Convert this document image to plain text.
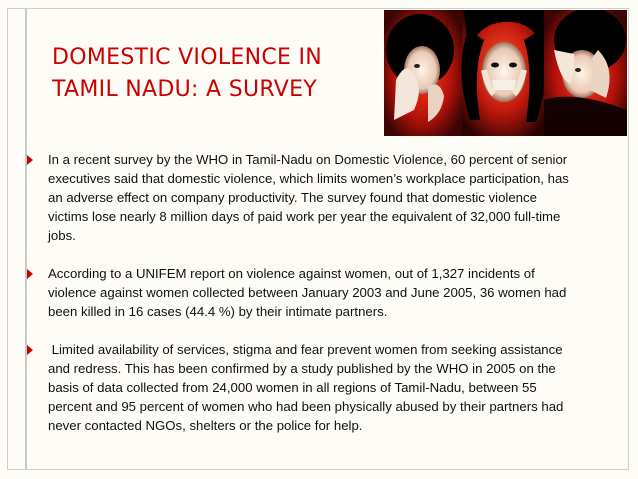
DOMESTIC VIOLENCE IN
TAMIL NADU: A SURVEY
In a recent survey by the WHO in Tamil-Nadu on Domestic Violence, 60 percent of senior
executives said that domestic violence, which limits women’s workplace participation, has
an adverse effect on company productivity. The survey found that domestic violence
victims lose nearly 8 million days of paid work per year the equivalent of 32,000 full-time
jobs.
According to a UNIFEM report on violence against women, out of 1,327 incidents of
violence against women collected between January 2003 and June 2005, 36 women had
been killed in 16 cases (44.4 %) by their intimate partners.
Limited availability of services, stigma and fear prevent women from seeking assistance
and redress. This has been confirmed by a study published by the WHO in 2005 on the
basis of data collected from 24,000 women in all regions of Tamil-Nadu, between 55
percent and 95 percent of women who had been physically abused by their partners had
never contacted NGOs, shelters or the police for help.
